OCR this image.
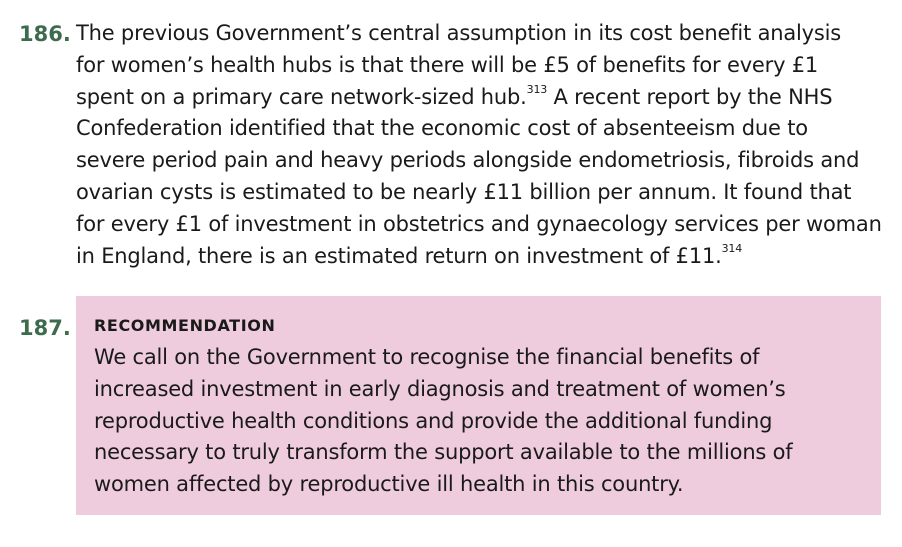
186. The previous Government’s central assumption in its cost benefit analysis
for women’s health hubs is that there will be £5 of benefits for every £1
spent on a primary care network-sized hub.$^{313}$ A recent report by the NHS
Confederation identified that the economic cost of absenteeism due to
severe period pain and heavy periods alongside endometriosis, fibroids and
ovarian cysts is estimated to be nearly £11 billion per annum. It found that
for every £1 of investment in obstetrics and gynaecology services per woman
in England, there is an estimated return on investment of £11.$^{314}$
187. RECOMMENDATION
We call on the Government to recognise the financial benefits of
increased investment in early diagnosis and treatment of women’s
reproductive health conditions and provide the additional funding
necessary to truly transform the support available to the millions of
women affected by reproductive ill health in this country.
